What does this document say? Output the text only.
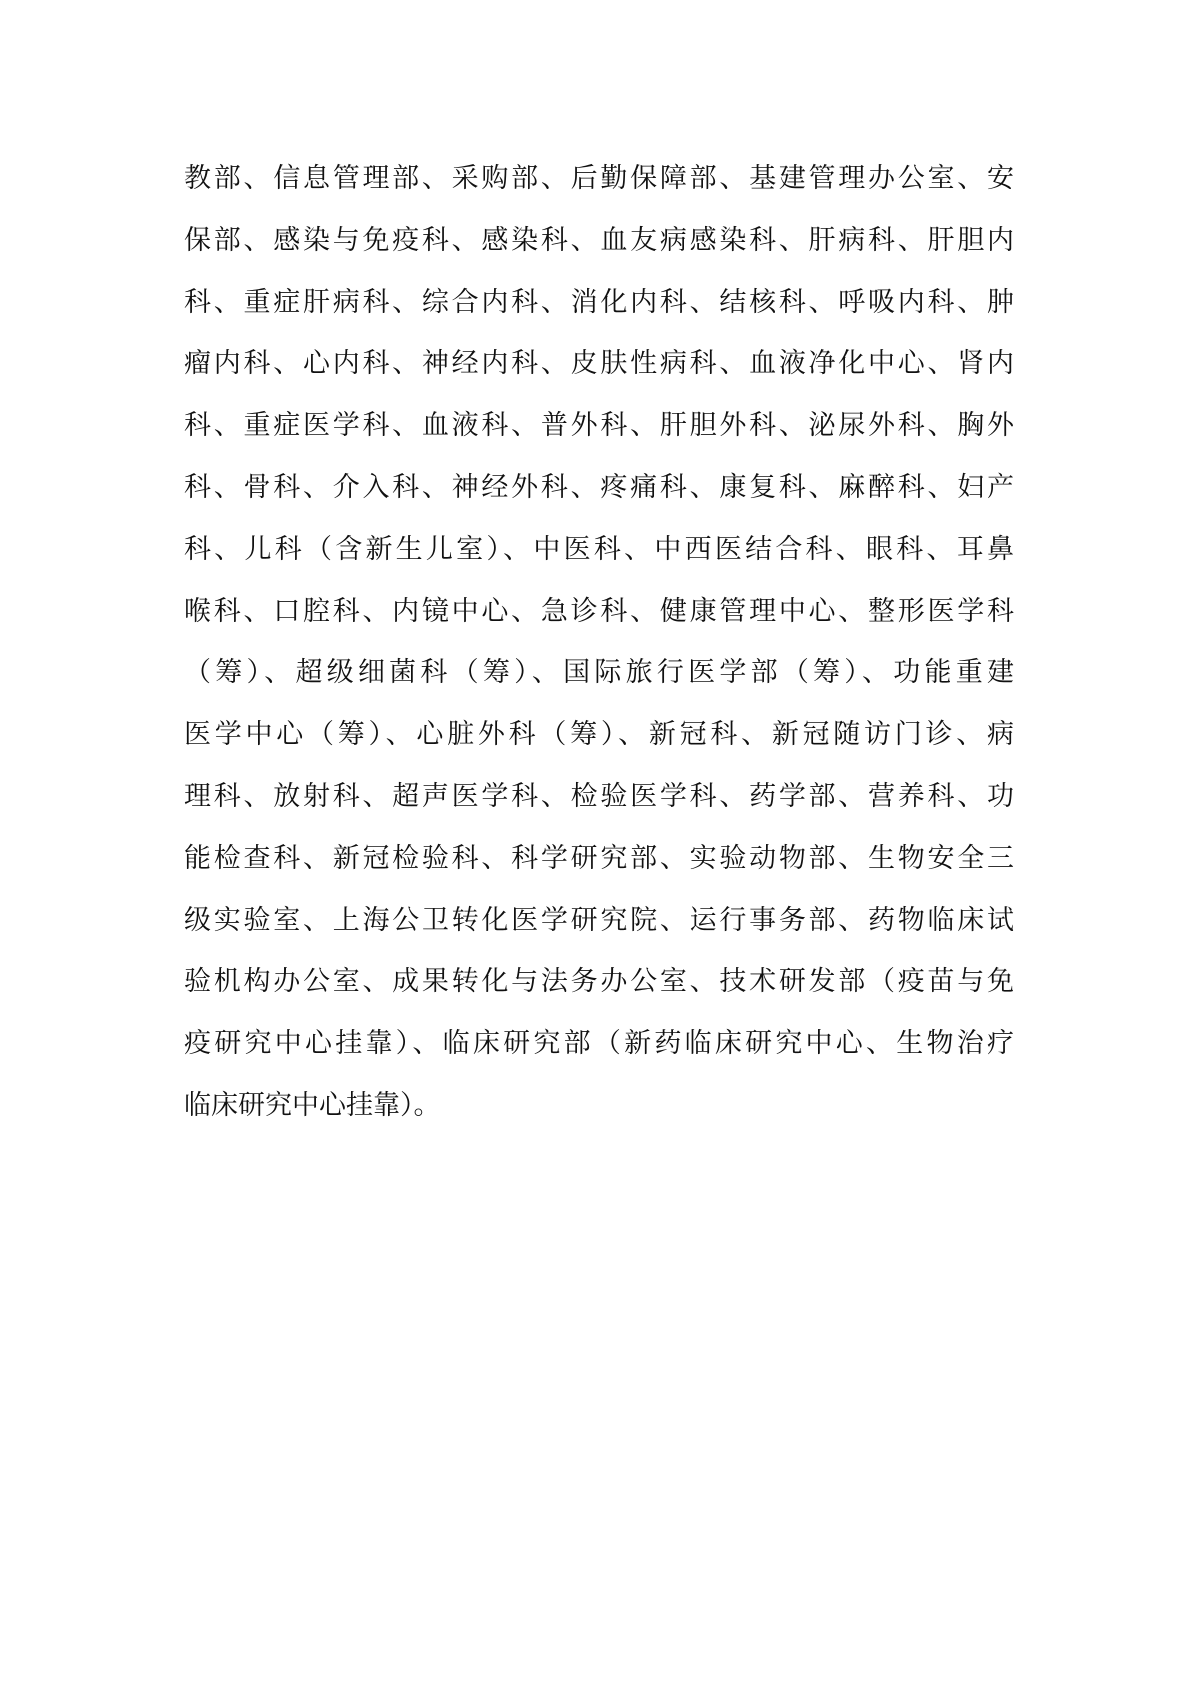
教部、信息管理部、采购部、后勤保障部、基建管理办公室、安
保部、感染与免疫科、感染科、血友病感染科、肝病科、肝胆内
科、重症肝病科、综合内科、消化内科、结核科、呼吸内科、肿
瘤内科、心内科、神经内科、皮肤性病科、血液净化中心、肾内
科、重症医学科、血液科、普外科、肝胆外科、泌尿外科、胸外
科、骨科、介入科、神经外科、疼痛科、康复科、麻醉科、妇产
科、儿科（含新生儿室）、中医科、中西医结合科、眼科、耳鼻
喉科、口腔科、内镜中心、急诊科、健康管理中心、整形医学科
（筹）、超级细菌科（筹）、国际旅行医学部（筹）、功能重建
医学中心（筹）、心脏外科（筹）、新冠科、新冠随访门诊、病
理科、放射科、超声医学科、检验医学科、药学部、营养科、功
能检查科、新冠检验科、科学研究部、实验动物部、生物安全三
级实验室、上海公卫转化医学研究院、运行事务部、药物临床试
验机构办公室、成果转化与法务办公室、技术研发部（疫苗与免
疫研究中心挂靠）、临床研究部（新药临床研究中心、生物治疗
临床研究中心挂靠）。
